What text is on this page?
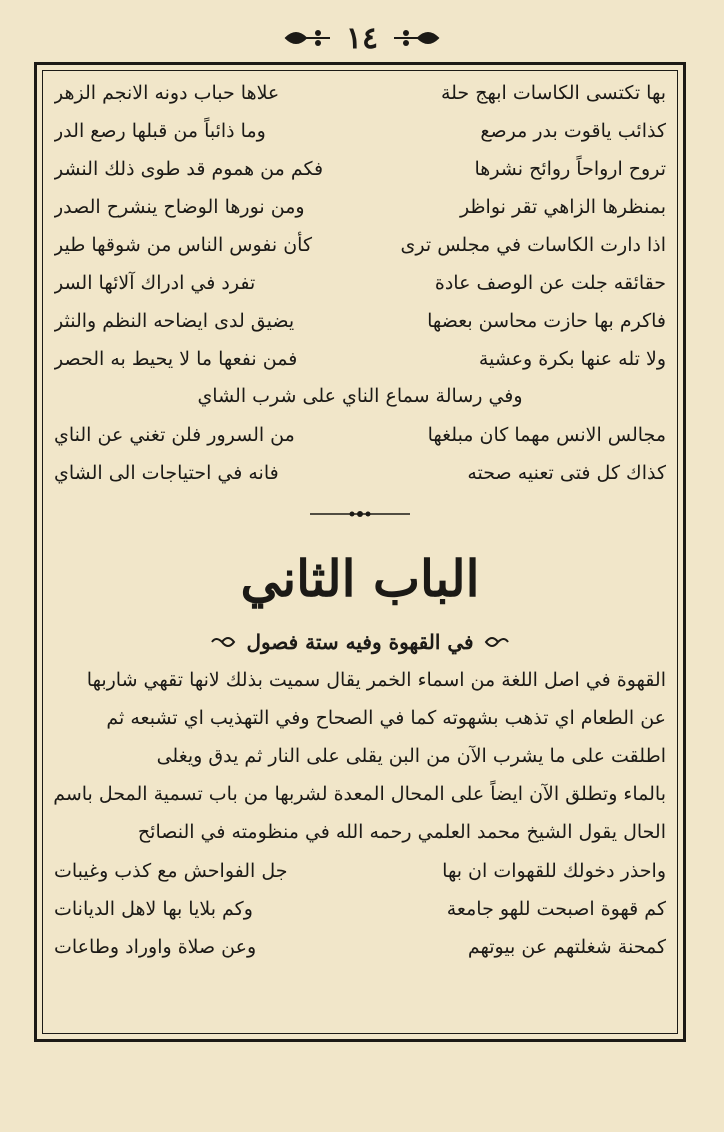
١٤
بها تكتسى الكاسات ابهج حلة
علاها حباب دونه الانجم الزهر
كذائب ياقوت بدر مرصع
وما ذائباً من قبلها رصع الدر
تروح ارواحاً روائح نشرها
فكم من هموم قد طوى ذلك النشر
بمنظرها الزاهي تقر نواظر
ومن نورها الوضاح ينشرح الصدر
اذا دارت الكاسات في مجلس ترى
كأن نفوس الناس من شوقها طير
حقائقه جلت عن الوصف عادة
تفرد في ادراك آلائها السر
فاكرم بها حازت محاسن بعضها
يضيق لدى ايضاحه النظم والنثر
ولا تله عنها بكرة وعشية
فمن نفعها ما لا يحيط به الحصر
وفي رسالة سماع الناي على شرب الشاي
مجالس الانس مهما كان مبلغها
من السرور فلن تغني عن الناي
كذاك كل فتى تعنيه صحته
فانه في احتياجات الى الشاي
الباب الثاني
في القهوة وفيه ستة فصول
القهوة في اصل اللغة من اسماء الخمر يقال سميت بذلك لانها تقهي شاربها
عن الطعام اي تذهب بشهوته كما في الصحاح وفي التهذيب اي تشبعه ثم
اطلقت على ما يشرب الآن من البن يقلى على النار ثم يدق ويغلى
بالماء وتطلق الآن ايضاً على المحال المعدة لشربها من باب تسمية المحل باسم
الحال يقول الشيخ محمد العلمي رحمه الله في منظومته في النصائح
واحذر دخولك للقهوات ان بها
جل الفواحش مع كذب وغيبات
كم قهوة اصبحت للهو جامعة
وكم بلايا بها لاهل الديانات
كمحنة شغلتهم عن بيوتهم
وعن صلاة واوراد وطاعات
